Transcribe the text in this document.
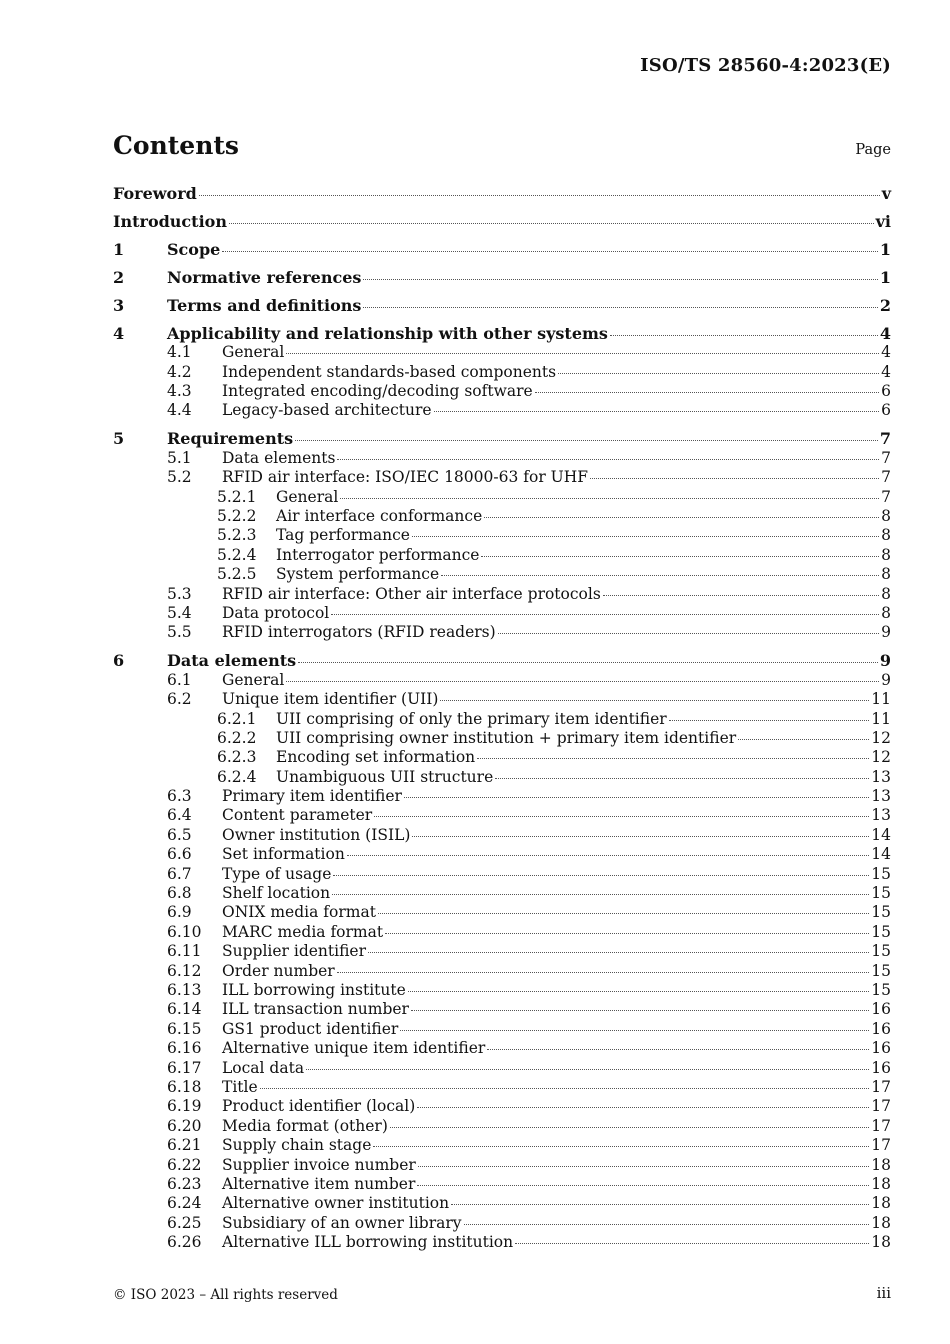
ISO/TS 28560-4:2023(E)
Contents	Page
Foreword	v
Introduction	vi
1	Scope	1
2	Normative references	1
3	Terms and definitions	2
4	Applicability and relationship with other systems	4
4.1	General	4
4.2	Independent standards-based components	4
4.3	Integrated encoding/decoding software	6
4.4	Legacy-based architecture	6
5	Requirements	7
5.1	Data elements	7
5.2	RFID air interface: ISO/IEC 18000-63 for UHF	7
5.2.1	General	7
5.2.2	Air interface conformance	8
5.2.3	Tag performance	8
5.2.4	Interrogator performance	8
5.2.5	System performance	8
5.3	RFID air interface: Other air interface protocols	8
5.4	Data protocol	8
5.5	RFID interrogators (RFID readers)	9
6	Data elements	9
6.1	General	9
6.2	Unique item identifier (UII)	11
6.2.1	UII comprising of only the primary item identifier	11
6.2.2	UII comprising owner institution + primary item identifier	12
6.2.3	Encoding set information	12
6.2.4	Unambiguous UII structure	13
6.3	Primary item identifier	13
6.4	Content parameter	13
6.5	Owner institution (ISIL)	14
6.6	Set information	14
6.7	Type of usage	15
6.8	Shelf location	15
6.9	ONIX media format	15
6.10	MARC media format	15
6.11	Supplier identifier	15
6.12	Order number	15
6.13	ILL borrowing institute	15
6.14	ILL transaction number	16
6.15	GS1 product identifier	16
6.16	Alternative unique item identifier	16
6.17	Local data	16
6.18	Title	17
6.19	Product identifier (local)	17
6.20	Media format (other)	17
6.21	Supply chain stage	17
6.22	Supplier invoice number	18
6.23	Alternative item number	18
6.24	Alternative owner institution	18
6.25	Subsidiary of an owner library	18
6.26	Alternative ILL borrowing institution	18
© ISO 2023 – All rights reserved	iii
